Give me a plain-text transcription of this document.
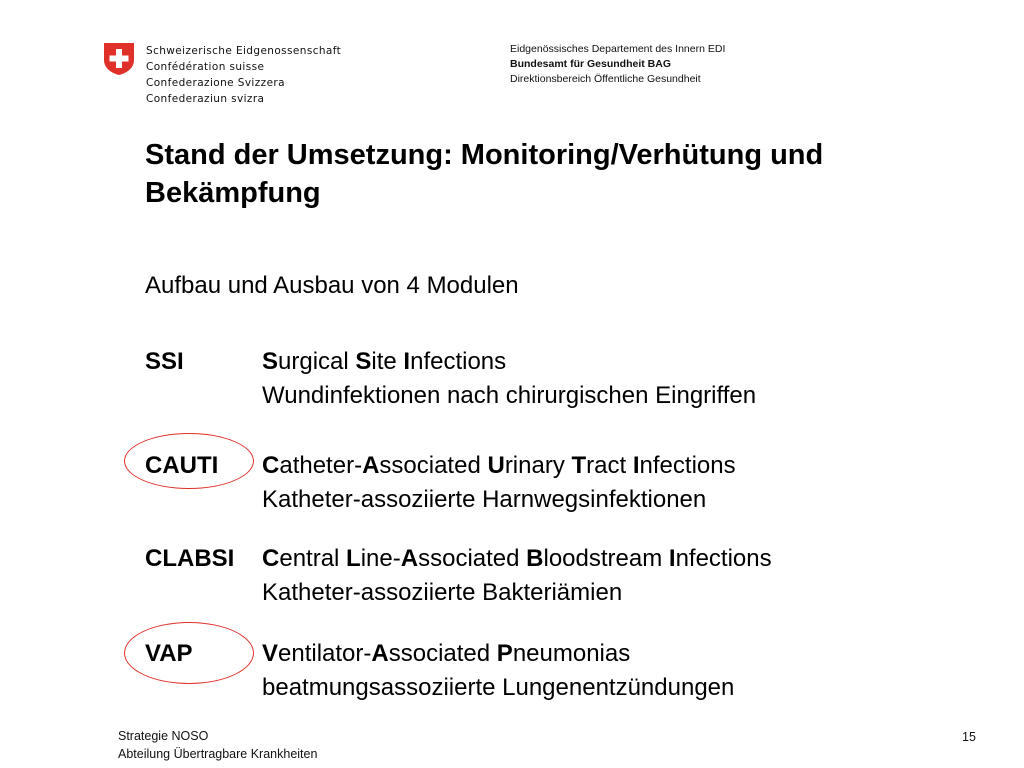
Schweizerische Eidgenossenschaft
Confédération suisse
Confederazione Svizzera
Confederaziun svizra
Eidgenössisches Departement des Innern EDI
Bundesamt für Gesundheit BAG
Direktionsbereich Öffentliche Gesundheit
Stand der Umsetzung: Monitoring/Verhütung und Bekämpfung
Aufbau und Ausbau von 4 Modulen
SSI	Surgical Site Infections
Wundinfektionen nach chirurgischen Eingriffen
CAUTI Catheter-Associated Urinary Tract Infections
Katheter-assoziierte Harnwegsinfektionen
CLABSI Central Line-Associated Bloodstream Infections
Katheter-assoziierte Bakteriämien
VAP	Ventilator-Associated Pneumonias
beatmungsassoziierte Lungenentzündungen
Strategie NOSO
Abteilung Übertragbare Krankheiten
15
